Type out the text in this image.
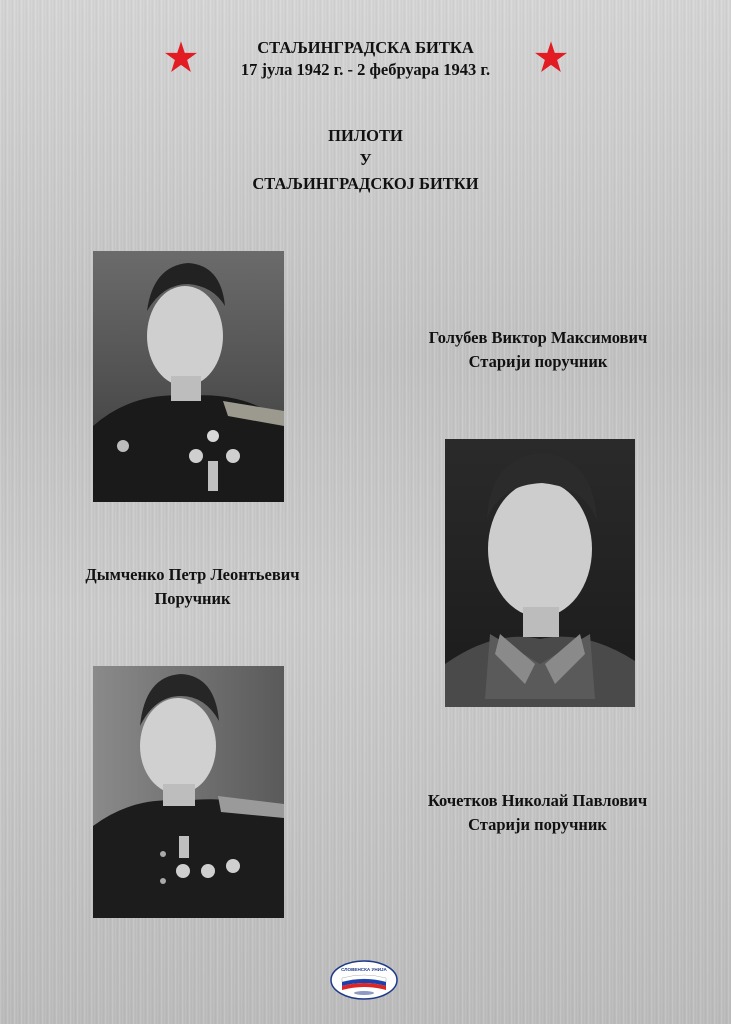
СТАЉИНГРАДСКА БИТКА
17 јула 1942 г. - 2 фебруара 1943 г.
ПИЛОТИ
У
СТАЉИНГРАДСКОЈ БИТКИ
Голубев Виктор Максимович
Старији поручник
Дымченко Петр Леонтьевич
Поручник
Кочетков Николай Павлович
Старији поручник
СЛОВЕНСКА УНИЈА
